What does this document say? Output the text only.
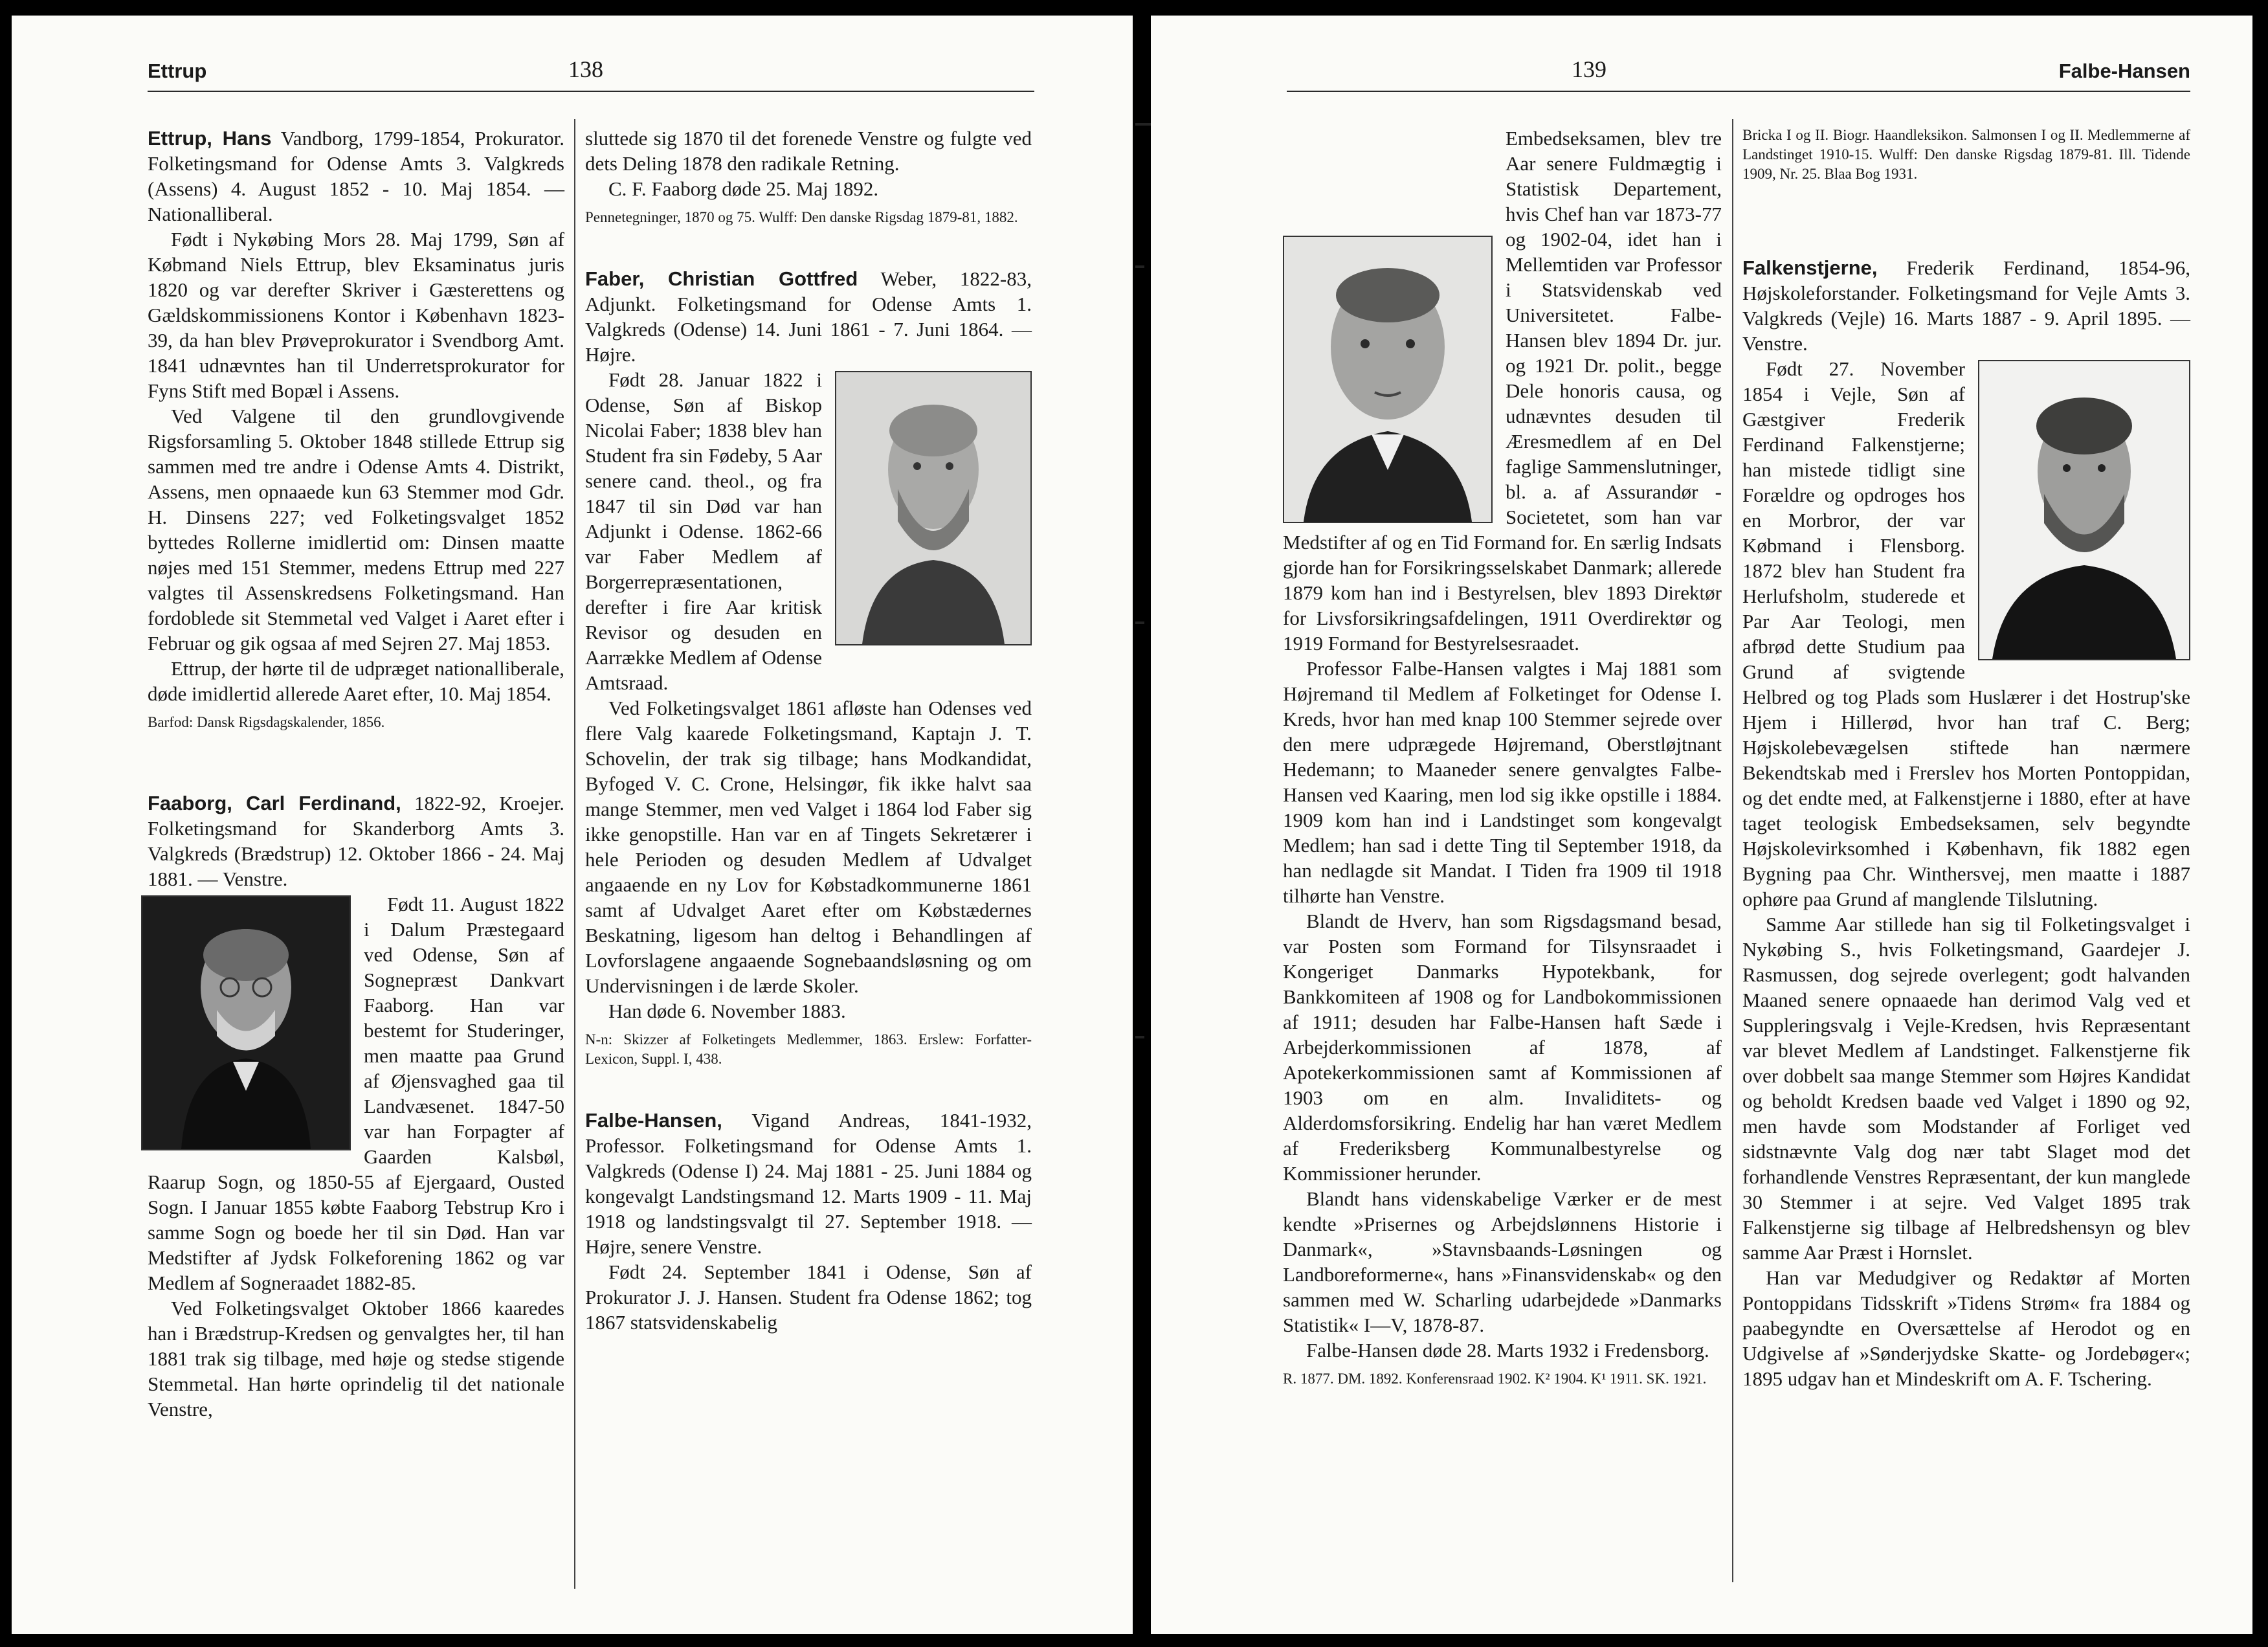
Ettrup	138

Ettrup, Hans Vandborg, 1799-1854, Prokurator. Folketingsmand for Odense Amts 3. Valgkreds (Assens) 4. August 1852 - 10. Maj 1854. — Nationalliberal.

Født i Nykøbing Mors 28. Maj 1799, Søn af Købmand Niels Ettrup, blev Eksaminatus juris 1820 og var derefter Skriver i Gæsterettens og Gældskommissionens Kontor i København 1823-39, da han blev Prøveprokurator i Svendborg Amt. 1841 udnævntes han til Underretsprokurator for Fyns Stift med Bopæl i Assens.

Ved Valgene til den grundlovgivende Rigsforsamling 5. Oktober 1848 stillede Ettrup sig sammen med tre andre i Odense Amts 4. Distrikt, Assens, men opnaaede kun 63 Stemmer mod Gdr. H. Dinsens 227; ved Folketingsvalget 1852 byttedes Rollerne imidlertid om: Dinsen maatte nøjes med 151 Stemmer, medens Ettrup med 227 valgtes til Assenskredsens Folketingsmand. Han fordoblede sit Stemmetal ved Valget i Aaret efter i Februar og gik ogsaa af med Sejren 27. Maj 1853.

Ettrup, der hørte til de udpræget nationalliberale, døde imidlertid allerede Aaret efter, 10. Maj 1854.

Barfod: Dansk Rigsdagskalender, 1856.

Faaborg, Carl Ferdinand, 1822-92, Kroejer. Folketingsmand for Skanderborg Amts 3. Valgkreds (Brædstrup) 12. Oktober 1866 - 24. Maj 1881. — Venstre.

Født 11. August 1822 i Dalum Præstegaard ved Odense, Søn af Sognepræst Dankvart Faaborg. Han var bestemt for Studeringer, men maatte paa Grund af Øjensvaghed gaa til Landvæsenet. 1847-50 var han Forpagter af Gaarden Kalsbøl, Raarup Sogn, og 1850-55 af Ejergaard, Ousted Sogn. I Januar 1855 købte Faaborg Tebstrup Kro i samme Sogn og boede her til sin Død. Han var Medstifter af Jydsk Folkeforening 1862 og var Medlem af Sogneraadet 1882-85.

Ved Folketingsvalget Oktober 1866 kaaredes han i Brædstrup-Kredsen og genvalgtes her, til han 1881 trak sig tilbage, med høje og stedse stigende Stemmetal. Han hørte oprindelig til det nationale Venstre,

sluttede sig 1870 til det forenede Venstre og fulgte ved dets Deling 1878 den radikale Retning.

C. F. Faaborg døde 25. Maj 1892.

Pennetegninger, 1870 og 75. Wulff: Den danske Rigsdag 1879-81, 1882.

Faber, Christian Gottfred Weber, 1822-83, Adjunkt. Folketingsmand for Odense Amts 1. Valgkreds (Odense) 14. Juni 1861 - 7. Juni 1864. — Højre.

Født 28. Januar 1822 i Odense, Søn af Biskop Nicolai Faber; 1838 blev han Student fra sin Fødeby, 5 Aar senere cand. theol., og fra 1847 til sin Død var han Adjunkt i Odense. 1862-66 var Faber Medlem af Borgerrepræsentationen, derefter i fire Aar kritisk Revisor og desuden en Aarrække Medlem af Odense Amtsraad.

Ved Folketingsvalget 1861 afløste han Odenses ved flere Valg kaarede Folketingsmand, Kaptajn J. T. Schovelin, der trak sig tilbage; hans Modkandidat, Byfoged V. C. Crone, Helsingør, fik ikke halvt saa mange Stemmer, men ved Valget i 1864 lod Faber sig ikke genopstille. Han var en af Tingets Sekretærer i hele Perioden og desuden Medlem af Udvalget angaaende en ny Lov for Købstadkommunerne 1861 samt af Udvalget Aaret efter om Købstædernes Beskatning, ligesom han deltog i Behandlingen af Lovforslagene angaaende Sognebaandsløsning og om Undervisningen i de lærde Skoler.

Han døde 6. November 1883.

N-n: Skizzer af Folketingets Medlemmer, 1863. Erslew: Forfatter-Lexicon, Suppl. I, 438.

Falbe-Hansen, Vigand Andreas, 1841-1932, Professor. Folketingsmand for Odense Amts 1. Valgkreds (Odense I) 24. Maj 1881 - 25. Juni 1884 og kongevalgt Landstingsmand 12. Marts 1909 - 11. Maj 1918 og landstingsvalgt til 27. September 1918. — Højre, senere Venstre.

Født 24. September 1841 i Odense, Søn af Prokurator J. J. Hansen. Student fra Odense 1862; tog 1867 statsvidenskabelig

139	Falbe-Hansen

Embedseksamen, blev tre Aar senere Fuldmægtig i Statistisk Departement, hvis Chef han var 1873-77 og 1902-04, idet han i Mellemtiden var Professor i Statsvidenskab ved Universitetet. Falbe-Hansen blev 1894 Dr. jur. og 1921 Dr. polit., begge Dele honoris causa, og udnævntes desuden til Æresmedlem af en Del faglige Sammenslutninger, bl. a. af Assurandør - Societetet, som han var Medstifter af og en Tid Formand for. En særlig Indsats gjorde han for Forsikringsselskabet Danmark; allerede 1879 kom han ind i Bestyrelsen, blev 1893 Direktør for Livsforsikringsafdelingen, 1911 Overdirektør og 1919 Formand for Bestyrelsesraadet.

Professor Falbe-Hansen valgtes i Maj 1881 som Højremand til Medlem af Folketinget for Odense I. Kreds, hvor han med knap 100 Stemmer sejrede over den mere udprægede Højremand, Oberstløjtnant Hedemann; to Maaneder senere genvalgtes Falbe-Hansen ved Kaaring, men lod sig ikke opstille i 1884. 1909 kom han ind i Landstinget som kongevalgt Medlem; han sad i dette Ting til September 1918, da han nedlagde sit Mandat. I Tiden fra 1909 til 1918 tilhørte han Venstre.

Blandt de Hverv, han som Rigsdagsmand besad, var Posten som Formand for Tilsynsraadet i Kongeriget Danmarks Hypotekbank, for Bankkomiteen af 1908 og for Landbokommissionen af 1911; desuden har Falbe-Hansen haft Sæde i Arbejderkommissionen af 1878, af Apotekerkommissionen samt af Kommissionen af 1903 om en alm. Invaliditets- og Alderdomsforsikring. Endelig har han været Medlem af Frederiksberg Kommunalbestyrelse og Kommissioner herunder.

Blandt hans videnskabelige Værker er de mest kendte »Prisernes og Arbejdslønnens Historie i Danmark«, »Stavnsbaands-Løsningen og Landboreformerne«, hans »Finansvidenskab« og den sammen med W. Scharling udarbejdede »Danmarks Statistik« I—V, 1878-87.

Falbe-Hansen døde 28. Marts 1932 i Fredensborg.

R. 1877. DM. 1892. Konferensraad 1902. K² 1904. K¹ 1911. SK. 1921.

Bricka I og II. Biogr. Haandleksikon. Salmonsen I og II. Medlemmerne af Landstinget 1910-15. Wulff: Den danske Rigsdag 1879-81. Ill. Tidende 1909, Nr. 25. Blaa Bog 1931.

Falkenstjerne, Frederik Ferdinand, 1854-96, Højskoleforstander. Folketingsmand for Vejle Amts 3. Valgkreds (Vejle) 16. Marts 1887 - 9. April 1895. — Venstre.

Født 27. November 1854 i Vejle, Søn af Gæstgiver Frederik Ferdinand Falkenstjerne; han mistede tidligt sine Forældre og opdroges hos en Morbror, der var Købmand i Flensborg. 1872 blev han Student fra Herlufsholm, studerede et Par Aar Teologi, men afbrød dette Studium paa Grund af svigtende Helbred og tog Plads som Huslærer i det Hostrup'ske Hjem i Hillerød, hvor han traf C. Berg; Højskolebevægelsen stiftede han nærmere Bekendtskab med i Frerslev hos Morten Pontoppidan, og det endte med, at Falkenstjerne i 1880, efter at have taget teologisk Embedseksamen, selv begyndte Højskolevirksomhed i København, fik 1882 egen Bygning paa Chr. Winthersvej, men maatte i 1887 ophøre paa Grund af manglende Tilslutning.

Samme Aar stillede han sig til Folketingsvalget i Nykøbing S., hvis Folketingsmand, Gaardejer J. Rasmussen, dog sejrede overlegent; godt halvanden Maaned senere opnaaede han derimod Valg ved et Suppleringsvalg i Vejle-Kredsen, hvis Repræsentant var blevet Medlem af Landstinget. Falkenstjerne fik over dobbelt saa mange Stemmer som Højres Kandidat og beholdt Kredsen baade ved Valget i 1890 og 92, men havde som Modstander af Forliget ved sidstnævnte Valg dog nær tabt Slaget mod det forhandlende Venstres Repræsentant, der kun manglede 30 Stemmer i at sejre. Ved Valget 1895 trak Falkenstjerne sig tilbage af Helbredshensyn og blev samme Aar Præst i Hornslet.

Han var Medudgiver og Redaktør af Morten Pontoppidans Tidsskrift »Tidens Strøm« fra 1884 og paabegyndte en Oversættelse af Herodot og en Udgivelse af »Sønderjydske Skatte- og Jordebøger«; 1895 udgav han et Mindeskrift om A. F. Tschering.
